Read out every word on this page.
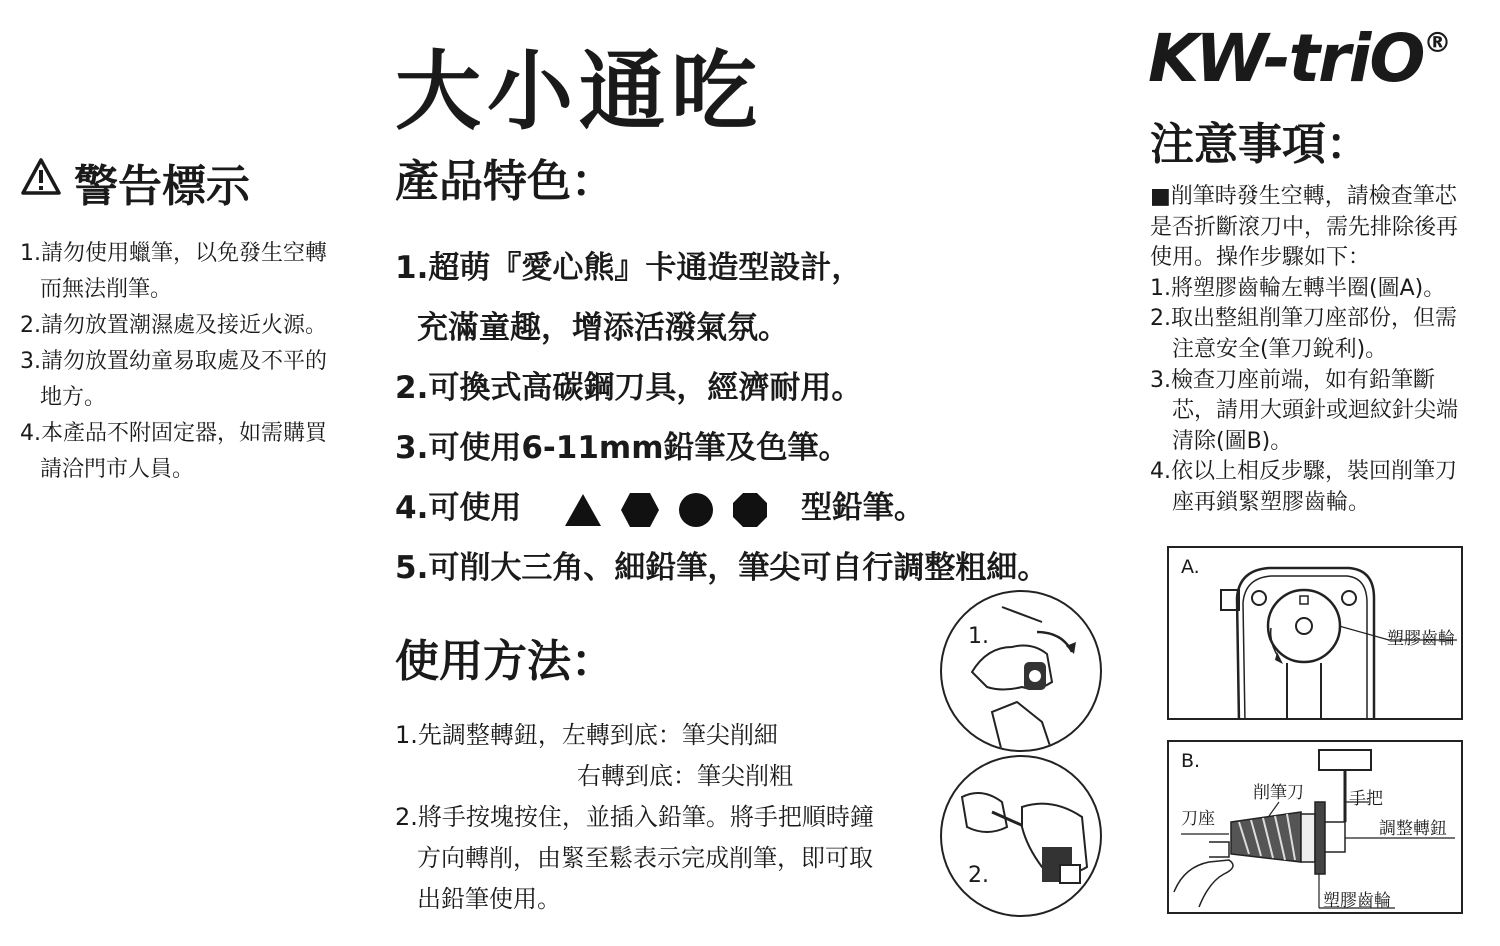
警告標示
1.請勿使用蠟筆，以免發生空轉
而無法削筆。
2.請勿放置潮濕處及接近火源。
3.請勿放置幼童易取處及不平的
地方。
4.本產品不附固定器，如需購買
請洽門市人員。
大小通吃
產品特色：
1.超萌『愛心熊』卡通造型設計，
充滿童趣，增添活潑氣氛。
2.可換式高碳鋼刀具，經濟耐用。
3.可使用6-11mm鉛筆及色筆。
4.可使用	型鉛筆。
5.可削大三角、細鉛筆，筆尖可自行調整粗細。
使用方法：
1.先調整轉鈕，左轉到底：筆尖削細
右轉到底：筆尖削粗
2.將手按塊按住，並插入鉛筆。將手把順時鐘
方向轉削，由緊至鬆表示完成削筆，即可取
出鉛筆使用。
1.
2.
KW-triO®
注意事項：
■削筆時發生空轉，請檢查筆芯
是否折斷滾刀中，需先排除後再
使用。操作步驟如下：
1.將塑膠齒輪左轉半圈(圖A)。
2.取出整組削筆刀座部份，但需
注意安全(筆刀銳利)。
3.檢查刀座前端，如有鉛筆斷
芯，請用大頭針或迴紋針尖端
清除(圖B)。
4.依以上相反步驟，裝回削筆刀
座再鎖緊塑膠齒輪。
A.
塑膠齒輪
B.
削筆刀	手把
刀座	調整轉鈕
塑膠齒輪
